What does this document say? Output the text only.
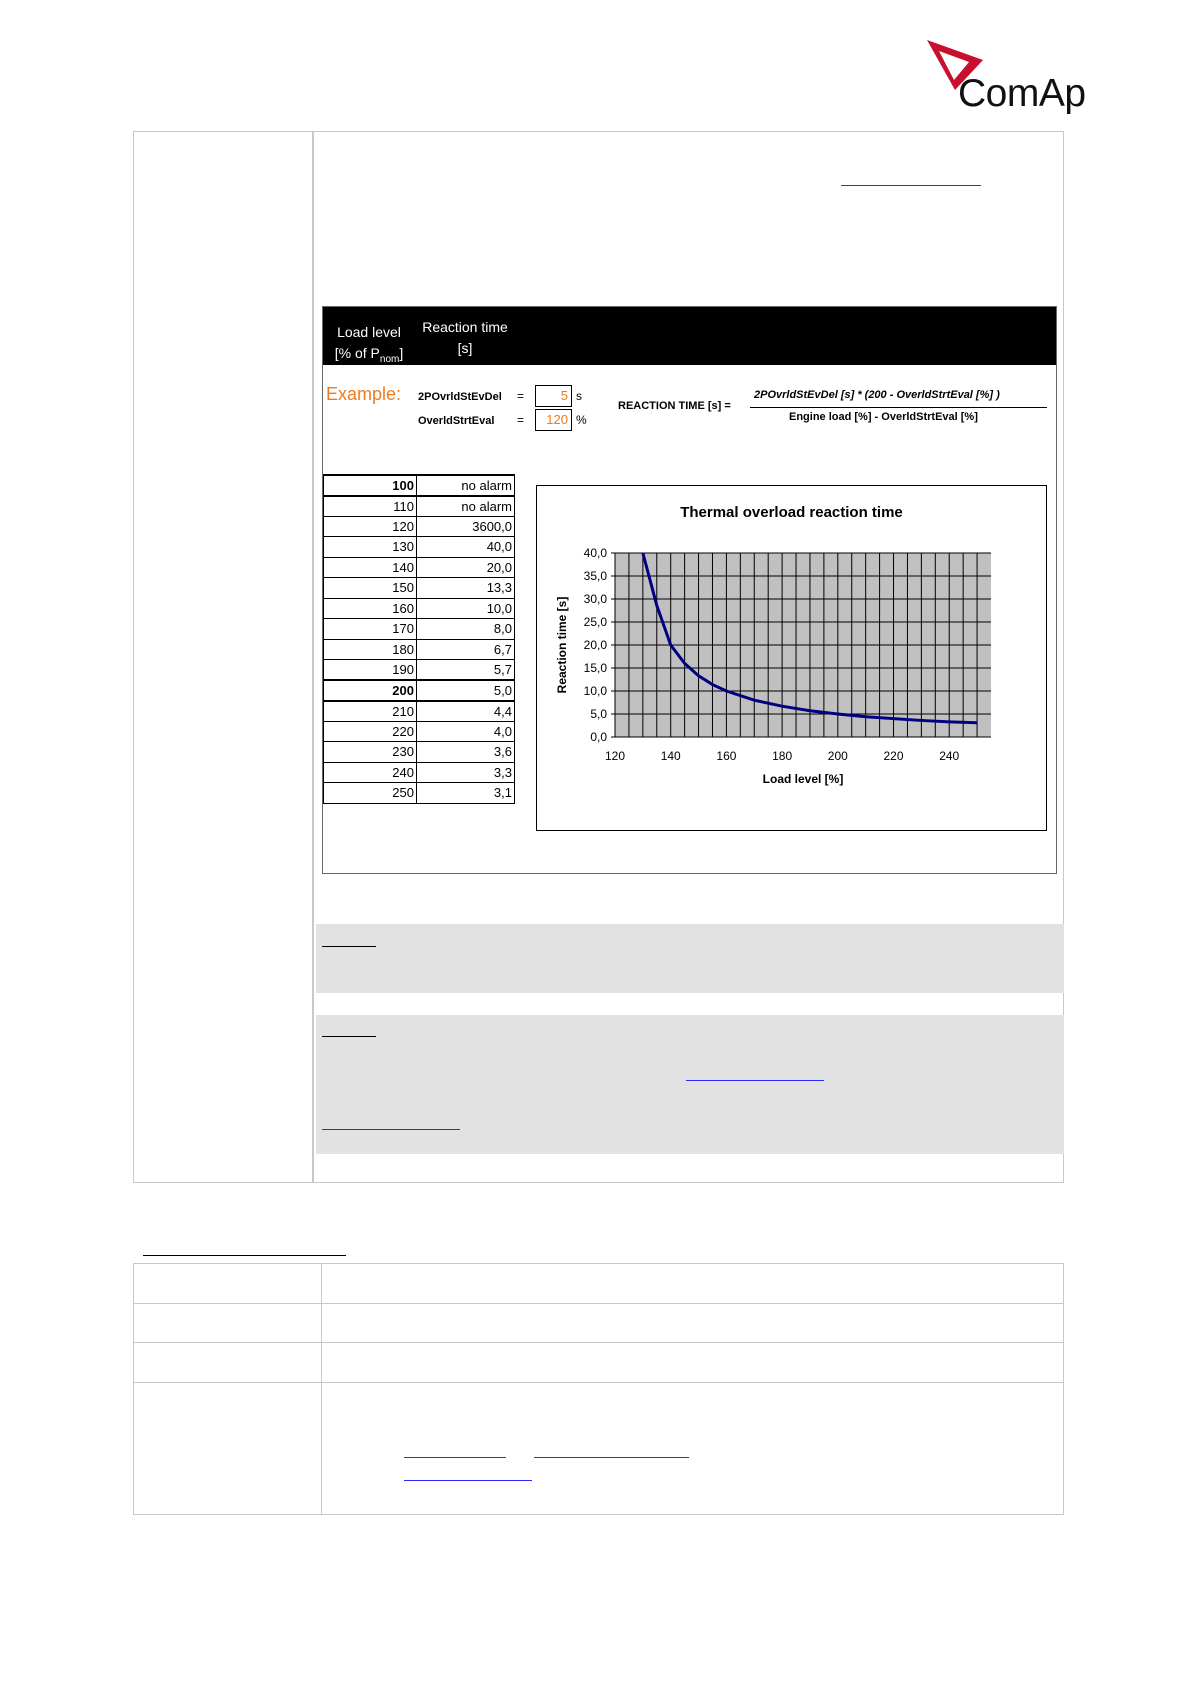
ComAp
Load level
[% of $P_{nom}$]
Reaction time
[s]
Example: 2POvrldStEvDel =	5 s
OverldStrtEval =	120 %
REACTION TIME [s] =
2POvrldStEvDel [s] * (200 - OverldStrtEval [%] )
Engine load [%] - OverldStrtEval [%]
100	no alarm
110	no alarm
120	3600,0
130	40,0
140	20,0
150	13,3
160	10,0
170	8,0
180	6,7
190	5,7
200	5,0
210	4,4
220	4,0
230	3,6
240	3,3
250	3,1
Thermal overload reaction time
0,0
5,0
10,0
15,0
20,0
25,0
30,0
35,0
40,0
120	140	160	180	200	220	240
Load level [%]
Reaction time [s]
